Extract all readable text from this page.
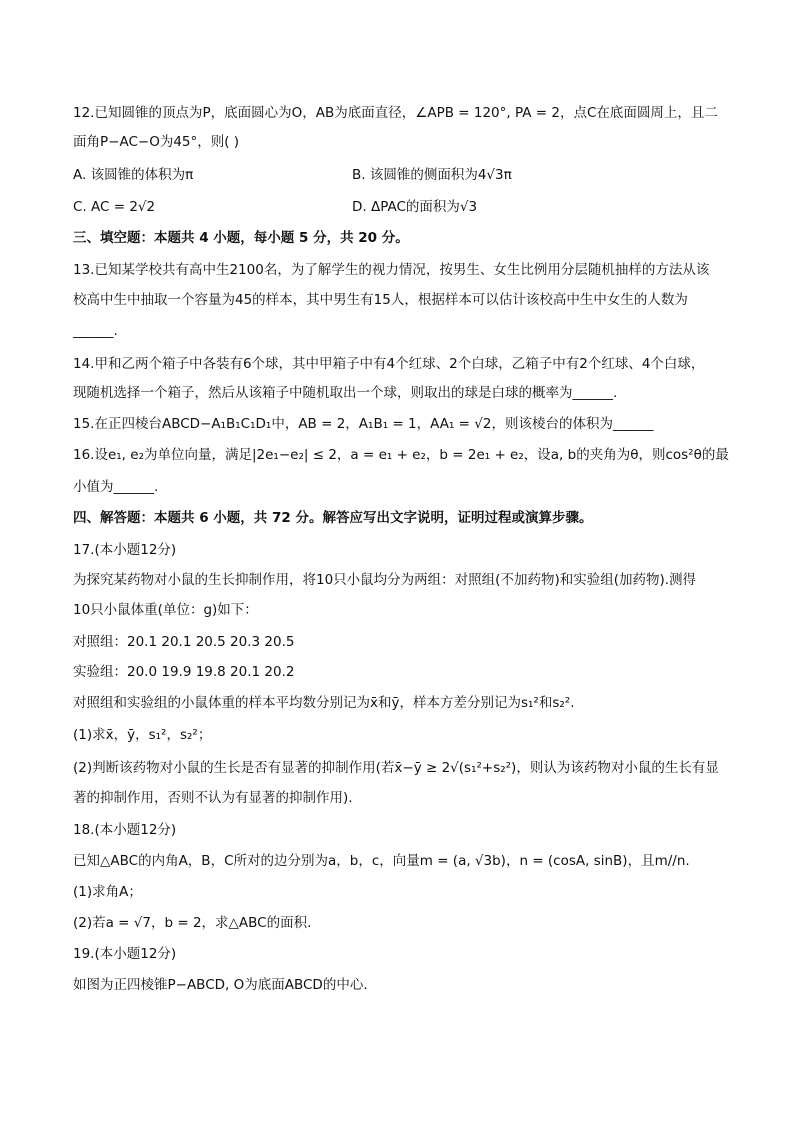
12.已知圆锥的顶点为P，底面圆心为O，AB为底面直径，∠APB = 120°, PA = 2，点C在底面圆周上，且二
面角P−AC−O为45°，则( )
A. 该圆锥的体积为π	B. 该圆锥的侧面积为4√3π
C. AC = 2√2	D. ΔPAC的面积为√3
三、填空题：本题共 4 小题，每小题 5 分，共 20 分。
13.已知某学校共有高中生2100名，为了解学生的视力情况，按男生、女生比例用分层随机抽样的方法从该
校高中生中抽取一个容量为45的样本，其中男生有15人，根据样本可以估计该校高中生中女生的人数为
______.
14.甲和乙两个箱子中各装有6个球，其中甲箱子中有4个红球、2个白球，乙箱子中有2个红球、4个白球，
现随机选择一个箱子，然后从该箱子中随机取出一个球，则取出的球是白球的概率为______.
15.在正四棱台ABCD−A₁B₁C₁D₁中，AB = 2，A₁B₁ = 1，AA₁ = √2，则该棱台的体积为______
16.设e₁, e₂为单位向量，满足|2e₁−e₂| ≤ 2，a = e₁ + e₂，b = 2e₁ + e₂，设a, b的夹角为θ，则cos²θ的最
小值为______.
四、解答题：本题共 6 小题，共 72 分。解答应写出文字说明，证明过程或演算步骤。
17.(本小题12分)
为探究某药物对小鼠的生长抑制作用，将10只小鼠均分为两组：对照组(不加药物)和实验组(加药物).测得
10只小鼠体重(单位：g)如下：
对照组：20.1 20.1 20.5 20.3 20.5
实验组：20.0 19.9 19.8 20.1 20.2
对照组和实验组的小鼠体重的样本平均数分别记为x̄和ȳ，样本方差分别记为s₁²和s₂².
(1)求x̄，ȳ，s₁²，s₂²；
(2)判断该药物对小鼠的生长是否有显著的抑制作用(若x̄−ȳ ≥ 2√(s₁²+s₂²)，则认为该药物对小鼠的生长有显
著的抑制作用，否则不认为有显著的抑制作用).
18.(本小题12分)
已知△ABC的内角A，B，C所对的边分别为a，b，c，向量m = (a, √3b)，n = (cosA, sinB)，且m//n.
(1)求角A；
(2)若a = √7，b = 2，求△ABC的面积.
19.(本小题12分)
如图为正四棱锥P−ABCD, O为底面ABCD的中心.
